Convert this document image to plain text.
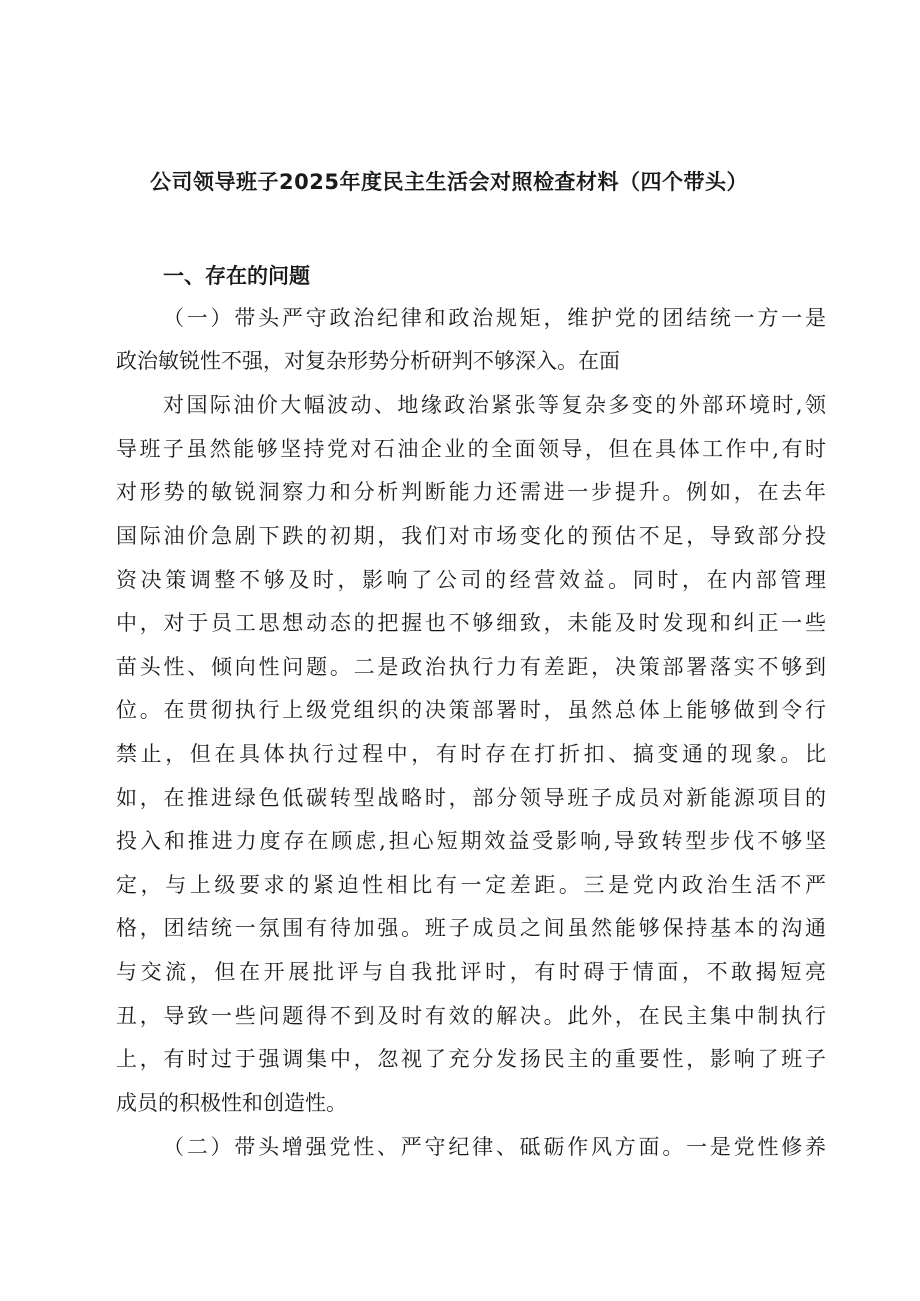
公司领导班子2025年度民主生活会对照检查材料（四个带头）
一、存在的问题
（一）带头严守政治纪律和政治规矩，维护党的团结统一方一是
政治敏锐性不强，对复杂形势分析研判不够深入。在面
对国际油价大幅波动、地缘政治紧张等复杂多变的外部环境时,领
导班子虽然能够坚持党对石油企业的全面领导，但在具体工作中,有时
对形势的敏锐洞察力和分析判断能力还需进一步提升。例如，在去年
国际油价急剧下跌的初期，我们对市场变化的预估不足，导致部分投
资决策调整不够及时，影响了公司的经营效益。同时，在内部管理
中，对于员工思想动态的把握也不够细致，未能及时发现和纠正一些
苗头性、倾向性问题。二是政治执行力有差距，决策部署落实不够到
位。在贯彻执行上级党组织的决策部署时，虽然总体上能够做到令行
禁止，但在具体执行过程中，有时存在打折扣、搞变通的现象。比
如，在推进绿色低碳转型战略时，部分领导班子成员对新能源项目的
投入和推进力度存在顾虑,担心短期效益受影响,导致转型步伐不够坚
定，与上级要求的紧迫性相比有一定差距。三是党内政治生活不严
格，团结统一氛围有待加强。班子成员之间虽然能够保持基本的沟通
与交流，但在开展批评与自我批评时，有时碍于情面，不敢揭短亮
丑，导致一些问题得不到及时有效的解决。此外，在民主集中制执行
上，有时过于强调集中，忽视了充分发扬民主的重要性，影响了班子
成员的积极性和创造性。
（二）带头增强党性、严守纪律、砥砺作风方面。一是党性修养
